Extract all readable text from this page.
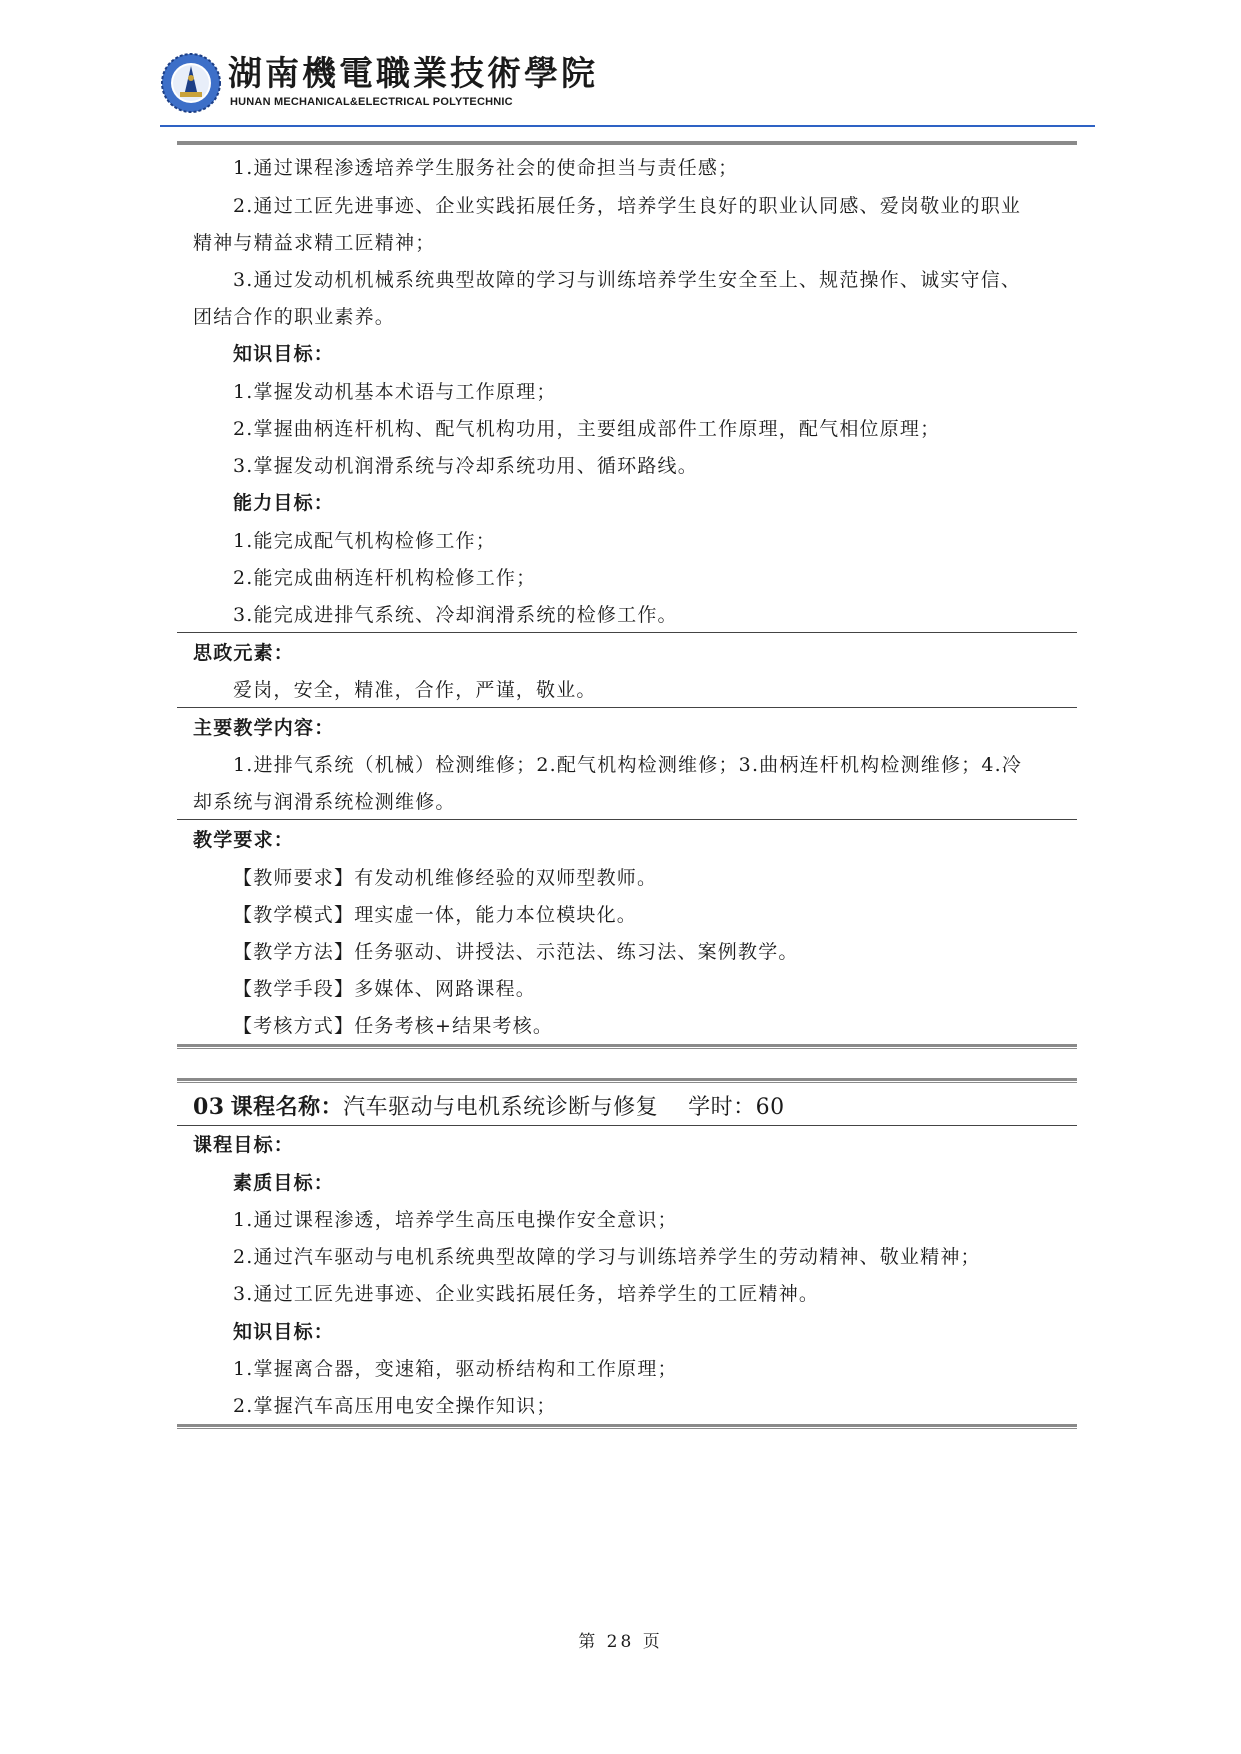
湖南機電職業技術學院
HUNAN MECHANICAL&ELECTRICAL POLYTECHNIC
1.通过课程渗透培养学生服务社会的使命担当与责任感；
2.通过工匠先进事迹、企业实践拓展任务，培养学生良好的职业认同感、爱岗敬业的职业
精神与精益求精工匠精神；
3.通过发动机机械系统典型故障的学习与训练培养学生安全至上、规范操作、诚实守信、
团结合作的职业素养。
知识目标：
1.掌握发动机基本术语与工作原理；
2.掌握曲柄连杆机构、配气机构功用，主要组成部件工作原理，配气相位原理；
3.掌握发动机润滑系统与冷却系统功用、循环路线。
能力目标：
1.能完成配气机构检修工作；
2.能完成曲柄连杆机构检修工作；
3.能完成进排气系统、冷却润滑系统的检修工作。
思政元素：
爱岗，安全，精准，合作，严谨，敬业。
主要教学内容：
1.进排气系统（机械）检测维修；2.配气机构检测维修；3.曲柄连杆机构检测维修；4.冷
却系统与润滑系统检测维修。
教学要求：
【教师要求】有发动机维修经验的双师型教师。
【教学模式】理实虚一体，能力本位模块化。
【教学方法】任务驱动、讲授法、示范法、练习法、案例教学。
【教学手段】多媒体、网路课程。
【考核方式】任务考核+结果考核。
03 课程名称：汽车驱动与电机系统诊断与修复 学时：60
课程目标：
素质目标：
1.通过课程渗透，培养学生高压电操作安全意识；
2.通过汽车驱动与电机系统典型故障的学习与训练培养学生的劳动精神、敬业精神；
3.通过工匠先进事迹、企业实践拓展任务，培养学生的工匠精神。
知识目标：
1.掌握离合器，变速箱，驱动桥结构和工作原理；
2.掌握汽车高压用电安全操作知识；
第 28 页
